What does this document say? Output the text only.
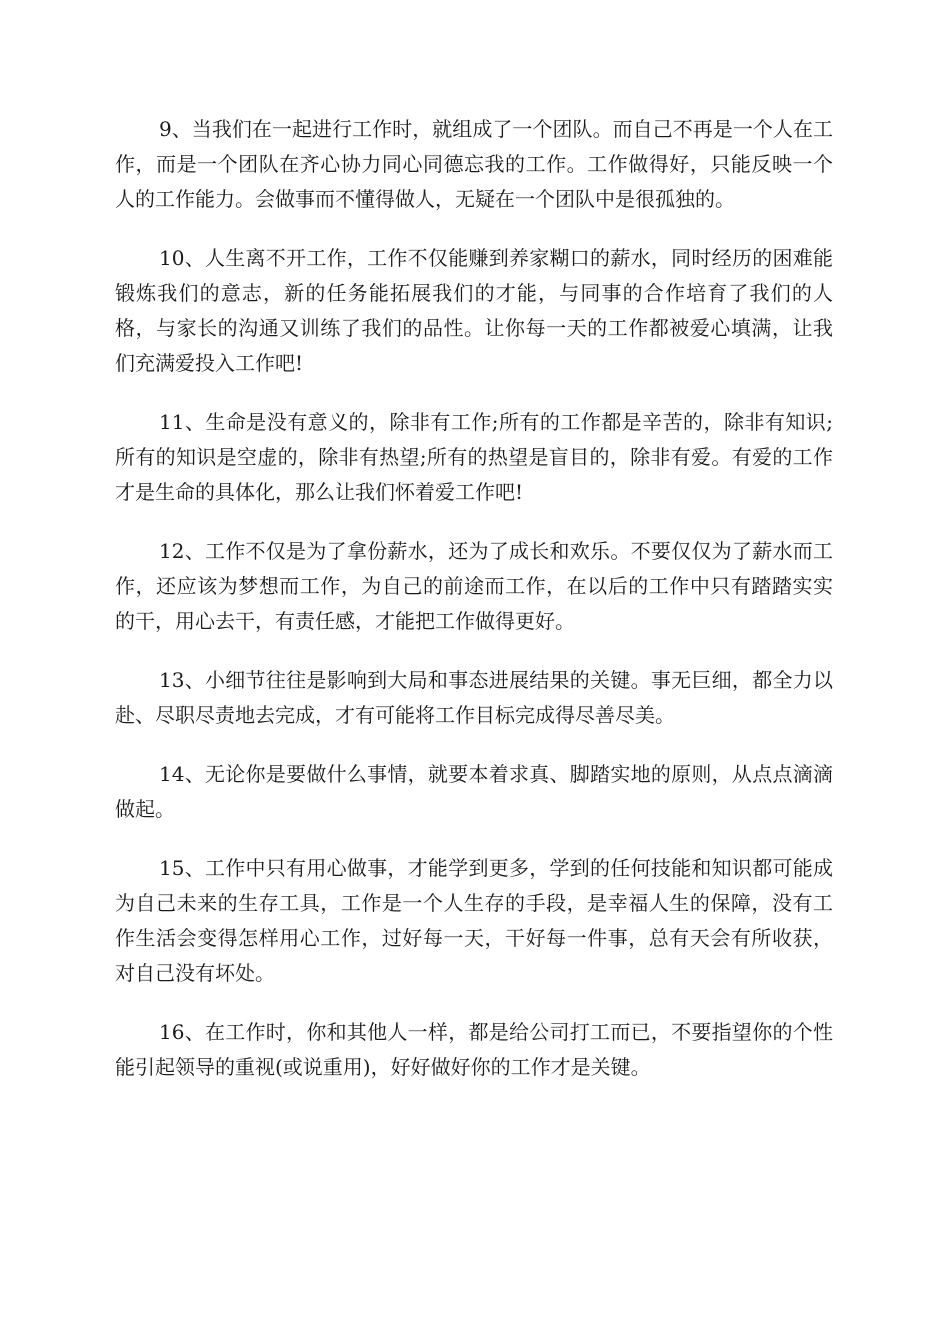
9、当我们在一起进行工作时，就组成了一个团队。而自己不再是一个人在工作，而是一个团队在齐心协力同心同德忘我的工作。工作做得好，只能反映一个人的工作能力。会做事而不懂得做人，无疑在一个团队中是很孤独的。

10、人生离不开工作，工作不仅能赚到养家糊口的薪水，同时经历的困难能锻炼我们的意志，新的任务能拓展我们的才能，与同事的合作培育了我们的人格，与家长的沟通又训练了我们的品性。让你每一天的工作都被爱心填满，让我们充满爱投入工作吧!

11、生命是没有意义的，除非有工作;所有的工作都是辛苦的，除非有知识;所有的知识是空虚的，除非有热望;所有的热望是盲目的，除非有爱。有爱的工作才是生命的具体化，那么让我们怀着爱工作吧!

12、工作不仅是为了拿份薪水，还为了成长和欢乐。不要仅仅为了薪水而工作，还应该为梦想而工作，为自己的前途而工作，在以后的工作中只有踏踏实实的干，用心去干，有责任感，才能把工作做得更好。

13、小细节往往是影响到大局和事态进展结果的关键。事无巨细，都全力以赴、尽职尽责地去完成，才有可能将工作目标完成得尽善尽美。

14、无论你是要做什么事情，就要本着求真、脚踏实地的原则，从点点滴滴做起。

15、工作中只有用心做事，才能学到更多，学到的任何技能和知识都可能成为自己未来的生存工具，工作是一个人生存的手段，是幸福人生的保障，没有工作生活会变得怎样用心工作，过好每一天，干好每一件事，总有天会有所收获，对自己没有坏处。

16、在工作时，你和其他人一样，都是给公司打工而已，不要指望你的个性能引起领导的重视(或说重用)，好好做好你的工作才是关键。
